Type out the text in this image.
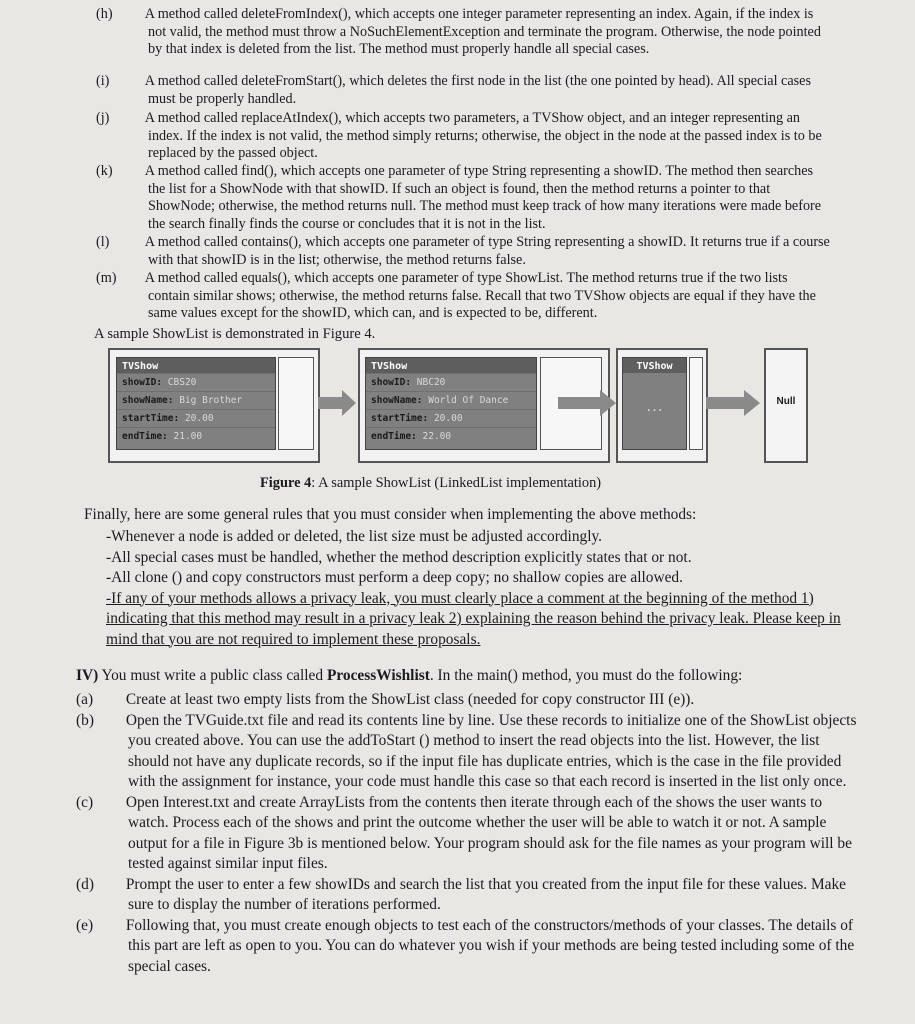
(h) A method called deleteFromIndex(), which accepts one integer parameter representing an index. Again, if the index is not valid, the method must throw a NoSuchElementException and terminate the program. Otherwise, the node pointed by that index is deleted from the list. The method must properly handle all special cases.

(i) A method called deleteFromStart(), which deletes the first node in the list (the one pointed by head). All special cases must be properly handled.

(j) A method called replaceAtIndex(), which accepts two parameters, a TVShow object, and an integer representing an index. If the index is not valid, the method simply returns; otherwise, the object in the node at the passed index is to be replaced by the passed object.

(k) A method called find(), which accepts one parameter of type String representing a showID. The method then searches the list for a ShowNode with that showID. If such an object is found, then the method returns a pointer to that ShowNode; otherwise, the method returns null. The method must keep track of how many iterations were made before the search finally finds the course or concludes that it is not in the list.

(l) A method called contains(), which accepts one parameter of type String representing a showID. It returns true if a course with that showID is in the list; otherwise, the method returns false.

(m) A method called equals(), which accepts one parameter of type ShowList. The method returns true if the two lists contain similar shows; otherwise, the method returns false. Recall that two TVShow objects are equal if they have the same values except for the showID, which can, and is expected to be, different.

A sample ShowList is demonstrated in Figure 4.
TVShow
showID: CBS20
showName: Big Brother
startTime: 20.00
endTime: 21.00
TVShow
showID: NBC20
showName: World Of Dance
startTime: 20.00
endTime: 22.00
TVShow
...
Null
Figure 4: A sample ShowList (LinkedList implementation)
Finally, here are some general rules that you must consider when implementing the above methods:

-Whenever a node is added or deleted, the list size must be adjusted accordingly.

-All special cases must be handled, whether the method description explicitly states that or not.

-All clone () and copy constructors must perform a deep copy; no shallow copies are allowed.

-If any of your methods allows a privacy leak, you must clearly place a comment at the beginning of the method 1) indicating that this method may result in a privacy leak 2) explaining the reason behind the privacy leak. Please keep in mind that you are not required to implement these proposals.

IV) You must write a public class called ProcessWishlist. In the main() method, you must do the following:

(a) Create at least two empty lists from the ShowList class (needed for copy constructor III (e)).

(b) Open the TVGuide.txt file and read its contents line by line. Use these records to initialize one of the ShowList objects you created above. You can use the addToStart () method to insert the read objects into the list. However, the list should not have any duplicate records, so if the input file has duplicate entries, which is the case in the file provided with the assignment for instance, your code must handle this case so that each record is inserted in the list only once.

(c) Open Interest.txt and create ArrayLists from the contents then iterate through each of the shows the user wants to watch. Process each of the shows and print the outcome whether the user will be able to watch it or not. A sample output for a file in Figure 3b is mentioned below. Your program should ask for the file names as your program will be tested against similar input files.

(d) Prompt the user to enter a few showIDs and search the list that you created from the input file for these values. Make sure to display the number of iterations performed.

(e) Following that, you must create enough objects to test each of the constructors/methods of your classes. The details of this part are left as open to you. You can do whatever you wish if your methods are being tested including some of the special cases.
